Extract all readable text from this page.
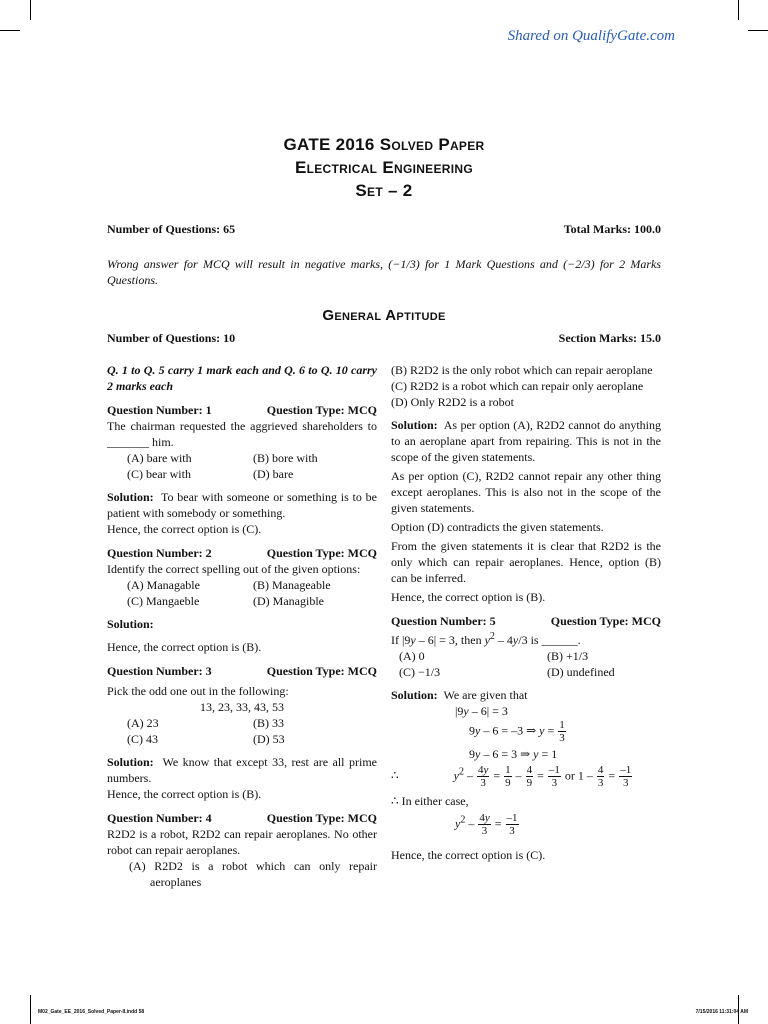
Shared on QualifyGate.com
GATE 2016 Solved Paper
Electrical Engineering
Set – 2
Number of Questions: 65	Total Marks: 100.0
Wrong answer for MCQ will result in negative marks, (−1/3) for 1 Mark Questions and (−2/3) for 2 Marks Questions.
General Aptitude
Number of Questions: 10	Section Marks: 15.0

Q. 1 to Q. 5 carry 1 mark each and Q. 6 to Q. 10 carry 2 marks each

Question Number: 1	Question Type: MCQ

The chairman requested the aggrieved shareholders to _______ him.

(A) bare with	(B) bore with
(C) bear with	(D) bare

Solution: To bear with someone or something is to be patient with somebody or something.

Hence, the correct option is (C).

Question Number: 2	Question Type: MCQ

Identify the correct spelling out of the given options:

(A) Managable	(B) Manageable
(C) Mangaeble	(D) Managible

Solution:

Hence, the correct option is (B).

Question Number: 3	Question Type: MCQ

Pick the odd one out in the following:

13, 23, 33, 43, 53

(A) 23	(B) 33
(C) 43	(D) 53

Solution: We know that except 33, rest are all prime numbers.

Hence, the correct option is (B).

Question Number: 4	Question Type: MCQ

R2D2 is a robot, R2D2 can repair aeroplanes. No other robot can repair aeroplanes.

(A) R2D2 is a robot which can only repair aeroplanes
(B) R2D2 is the only robot which can repair aeroplane
(C) R2D2 is a robot which can repair only aeroplane
(D) Only R2D2 is a robot

Solution: As per option (A), R2D2 cannot do anything to an aeroplane apart from repairing. This is not in the scope of the given statements.

As per option (C), R2D2 cannot repair any other thing except aeroplanes. This is also not in the scope of the given statements.

Option (D) contradicts the given statements.

From the given statements it is clear that R2D2 is the only which can repair aeroplanes. Hence, option (B) can be inferred.

Hence, the correct option is (B).

Question Number: 5	Question Type: MCQ

If |9y – 6| = 3, then $y^2 - 4y/3$ is ______.

(A) 0	(B) +1/3
(C) −1/3	(D) undefined

Solution: We are given that

|9y – 6| = 3
9y – 6 = –3 ⇒ $y = \frac{1}{3}$
9y – 6 = 3 ⇒ y = 1
∴	$y^2 - \frac{4y}{3} = \frac{1}{9} - \frac{4}{9} = \frac{-1}{3}$ or $1 - \frac{4}{3} = \frac{-1}{3}$

∴ In either case,

$y^2 - \frac{4y}{3} = \frac{-1}{3}$

Hence, the correct option is (C).

M02_Gate_EE_2016_Solved_Paper-II.indd 58	7/15/2016 11:31:04 AM
